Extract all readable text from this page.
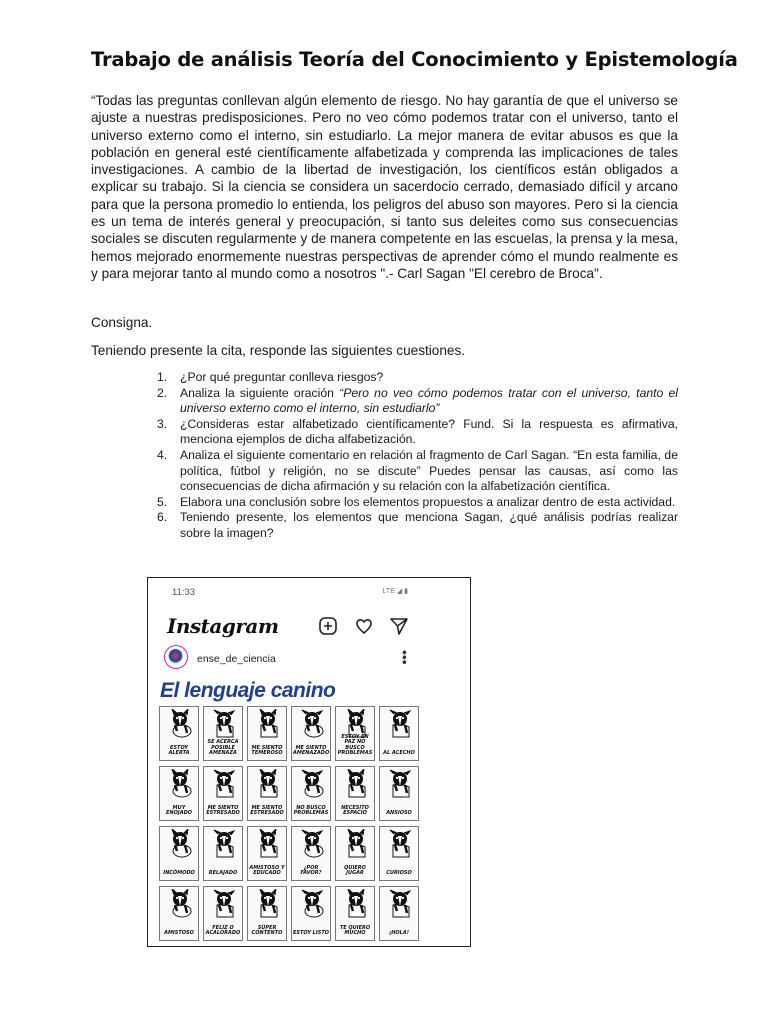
Trabajo de análisis Teoría del Conocimiento y Epistemología

“Todas las preguntas conllevan algún elemento de riesgo. No hay garantía de que el universo se ajuste a nuestras predisposiciones. Pero no veo cómo podemos tratar con el universo, tanto el universo externo como el interno, sin estudiarlo. La mejor manera de evitar abusos es que la población en general esté científicamente alfabetizada y comprenda las implicaciones de tales investigaciones. A cambio de la libertad de investigación, los científicos están obligados a explicar su trabajo. Si la ciencia se considera un sacerdocio cerrado, demasiado difícil y arcano para que la persona promedio lo entienda, los peligros del abuso son mayores. Pero si la ciencia es un tema de interés general y preocupación, si tanto sus deleites como sus consecuencias sociales se discuten regularmente y de manera competente en las escuelas, la prensa y la mesa, hemos mejorado enormemente nuestras perspectivas de aprender cómo el mundo realmente es y para mejorar tanto al mundo como a nosotros ".- Carl Sagan "El cerebro de Broca".

Consigna.

Teniendo presente la cita, responde las siguientes cuestiones.

1. ¿Por qué preguntar conlleva riesgos?
2. Analiza la siguiente oración “Pero no veo cómo podemos tratar con el universo, tanto el universo externo como el interno, sin estudiarlo”
3. ¿Consideras estar alfabetizado científicamente? Fund. Si la respuesta es afirmativa, menciona ejemplos de dicha alfabetización.
4. Analiza el siguiente comentario en relación al fragmento de Carl Sagan. “En esta familia, de política, fútbol y religión, no se discute” Puedes pensar las causas, así como las consecuencias de dicha afirmación y su relación con la alfabetización científica.
5. Elabora una conclusión sobre los elementos propuestos a analizar dentro de esta actividad.
6. Teniendo presente, los elementos que menciona Sagan, ¿qué análisis podrías realizar sobre la imagen?
11:33	LTE ◢ ▮
Instagram
ense_de_ciencia	•••
El lenguaje canino
ESTOY ALERTA
SE ACERCA POSIBLE AMENAZA
ME SIENTO TEMEROSO
ME SIENTO AMENAZADO
ESTOY EN PAZ NO BUSCO PROBLEMAS	AL ACECHO
MUY ENOJADO
ME SIENTO ESTRESADO
ME SIENTO ESTRESADO
NO BUSCO PROBLEMAS
NECESITO ESPACIO	ANSIOSO
INCÓMODO	RELAJADO
AMISTOSO Y EDUCADO
¿POR FAVOR?
QUIERO JUGAR	CURIOSO
AMISTOSO
FELIZ O ACALORADO
SÚPER CONTENTO	ESTOY LISTO
TE QUIERO MUCHO	¡HOLA!
